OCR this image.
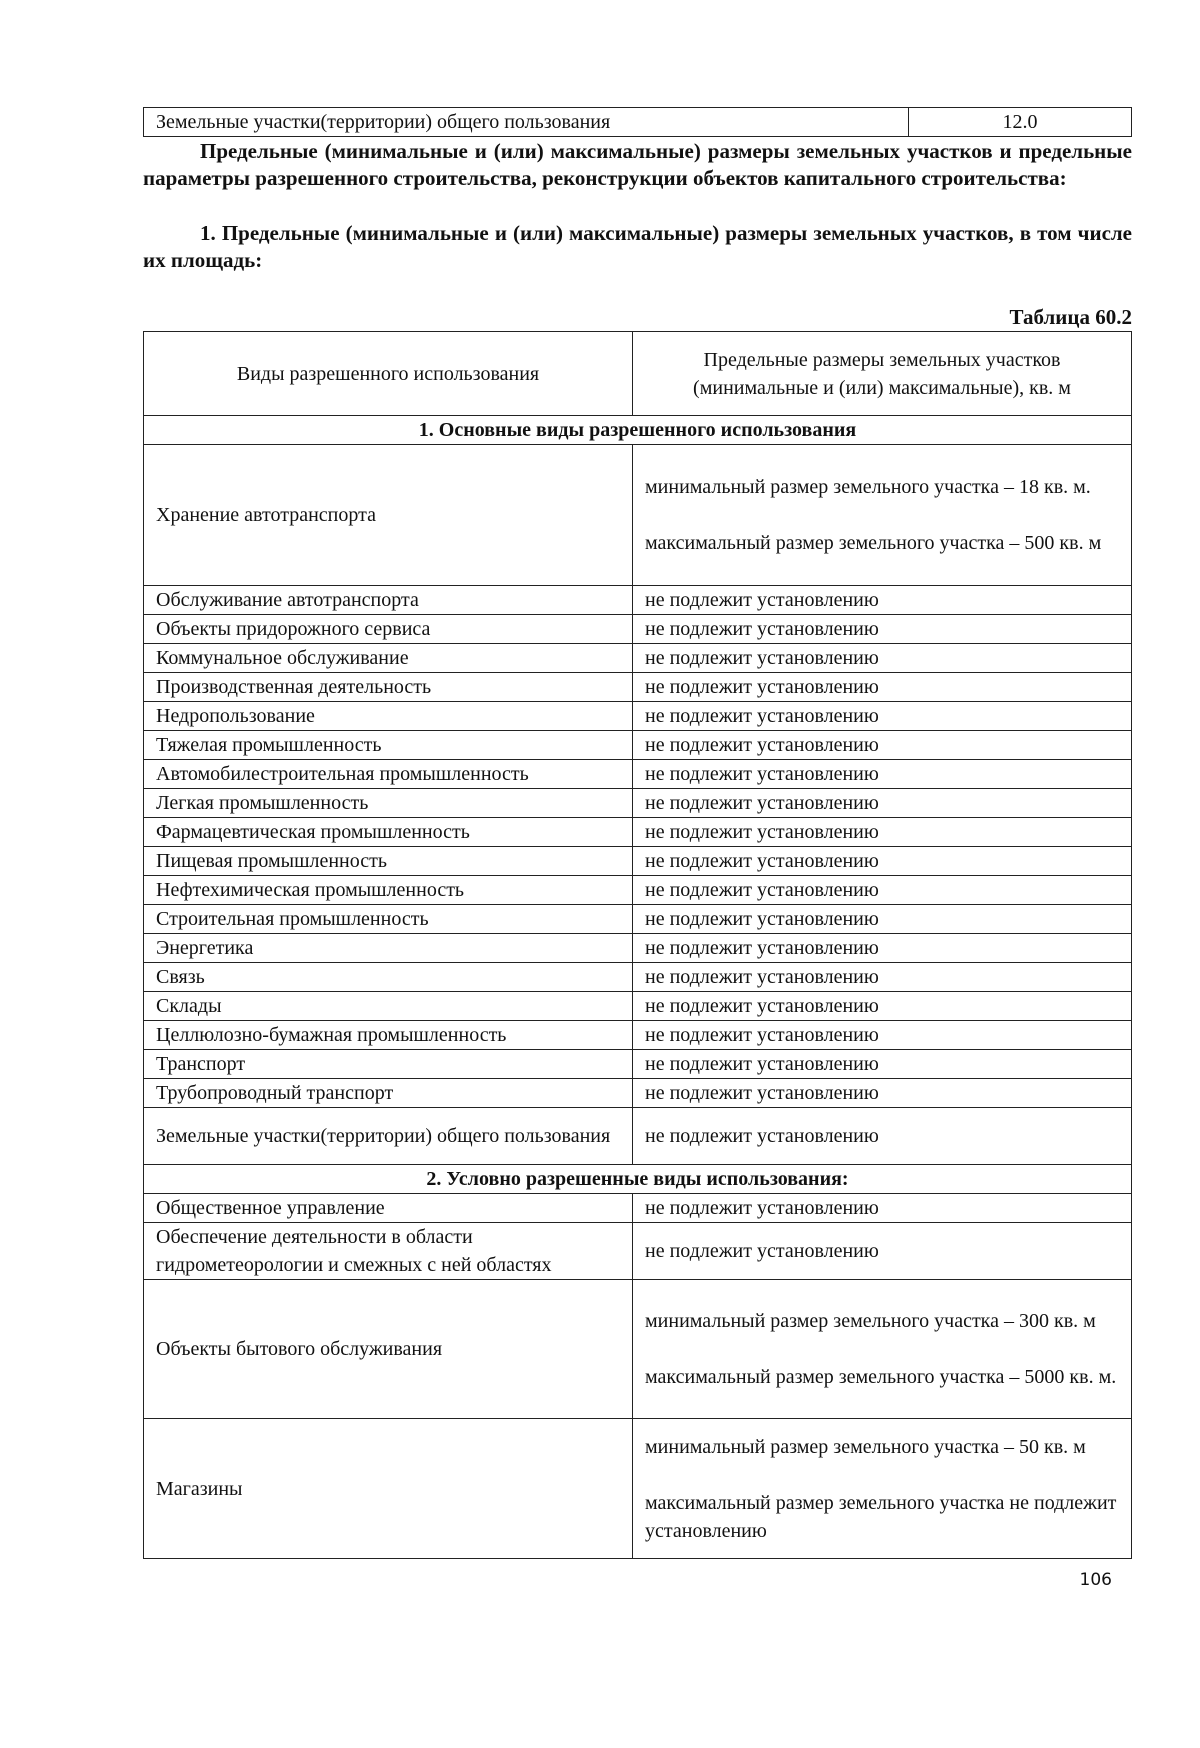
Земельные участки(территории) общего пользования	12.0
Предельные (минимальные и (или) максимальные) размеры земельных участков и предельные параметры разрешенного строительства, реконструкции объектов капитального строительства:
1. Предельные (минимальные и (или) максимальные) размеры земельных участков, в том числе их площадь:
Таблица 60.2
Виды разрешенного использования	Предельные размеры земельных участков (минимальные и (или) максимальные), кв. м
1. Основные виды разрешенного использования	
Хранение автотранспорта	минимальный размер земельного участка – 18 кв. м.
максимальный размер земельного участка – 500 кв. м

Обслуживание автотранспорта	не подлежит установлению
Объекты придорожного сервиса	не подлежит установлению
Коммунальное обслуживание	не подлежит установлению
Производственная деятельность	не подлежит установлению
Недропользование	не подлежит установлению
Тяжелая промышленность	не подлежит установлению
Автомобилестроительная промышленность	не подлежит установлению
Легкая промышленность	не подлежит установлению
Фармацевтическая промышленность	не подлежит установлению
Пищевая промышленность	не подлежит установлению
Нефтехимическая промышленность	не подлежит установлению
Строительная промышленность	не подлежит установлению
Энергетика	не подлежит установлению
Связь	не подлежит установлению
Склады	не подлежит установлению
Целлюлозно-бумажная промышленность	не подлежит установлению
Транспорт	не подлежит установлению
Трубопроводный транспорт	не подлежит установлению
Земельные участки(территории) общего пользования	не подлежит установлению
2. Условно разрешенные виды использования:	
Общественное управление	не подлежит установлению
Обеспечение деятельности в области гидрометеорологии и смежных с ней областях	не подлежит установлению
Объекты бытового обслуживания	минимальный размер земельного участка – 300 кв. м
максимальный размер земельного участка – 5000 кв. м.

Магазины	минимальный размер земельного участка – 50 кв. м
максимальный размер земельного участка не подлежит установлению
106
